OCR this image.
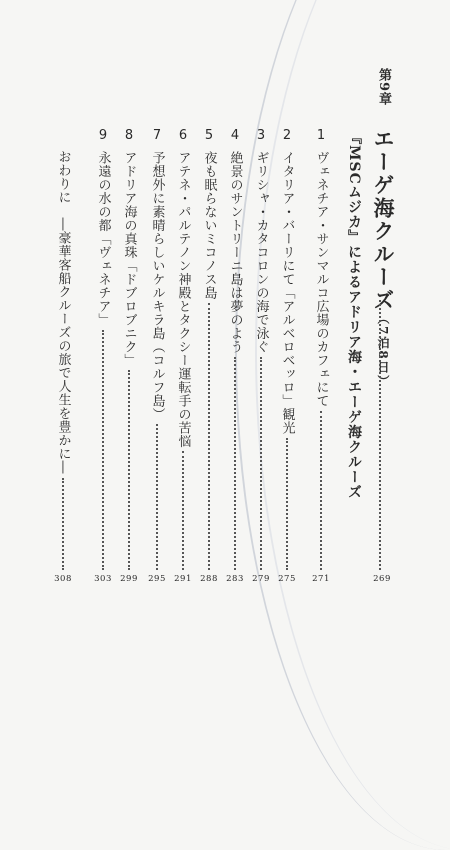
第9章
エーゲ海クルーズ（7泊8日）
『MSCムジカ』によるアドリア海・エーゲ海クルーズ
1
ヴェネチア・サンマルコ広場のカフェにて
2
イタリア・バーリにて「アルベロベッロ」観光
3
ギリシャ・カタコロンの海で泳ぐ
4
絶景のサントリーニ島は夢のよう
5
夜も眠らないミコノス島
6
アテネ・パルテノン神殿とタクシー運転手の苦悩
7
予想外に素晴らしいケルキラ島（コルフ島）
8
アドリア海の真珠「ドブロブニク」
9
永遠の水の都「ヴェネチア」
おわりに　―豪華客船クルーズの旅で人生を豊かに―
269
271
275
279
283
288
291
295
299
303
308
